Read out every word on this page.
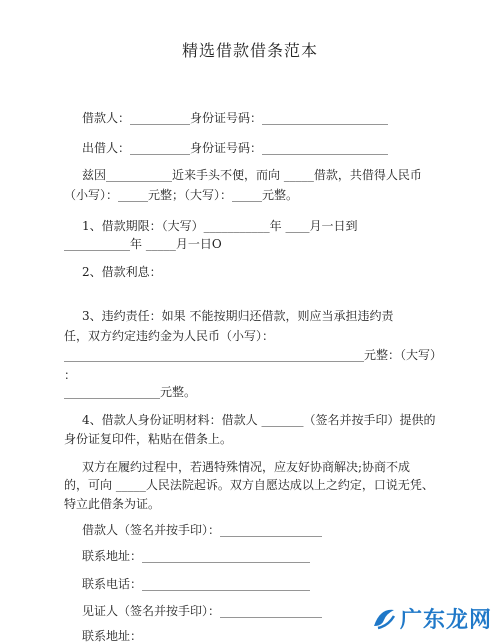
精选借款借条范本
借款人：__________身份证号码：_____________________
出借人：__________身份证号码：_____________________
兹因___________近来手头不便，而向 _____借款，共借得人民币
（小写）：_____元整；（大写）：_____元整。
1、借款期限：（大写）___________年 ____月一日到
___________年 _____月一日O
2、借款利息：
3、违约责任：如果 不能按期归还借款，则应当承担违约责
任，双方约定违约金为人民币（小写）：
__________________________________________________元整：（大写）
：
________________元整。
4、借款人身份证明材料：借款人 _______（签名并按手印）提供的
身份证复印件，粘贴在借条上。
双方在履约过程中，若遇特殊情况，应友好协商解决;协商不成
的，可向 _____人民法院起诉。双方自愿达成以上之约定，口说无凭、
特立此借条为证。
借款人（签名并按手印）：_________________
联系地址：____________________________
联系电话：____________________________
见证人（签名并按手印）：_________________
联系地址：
广东龙网
